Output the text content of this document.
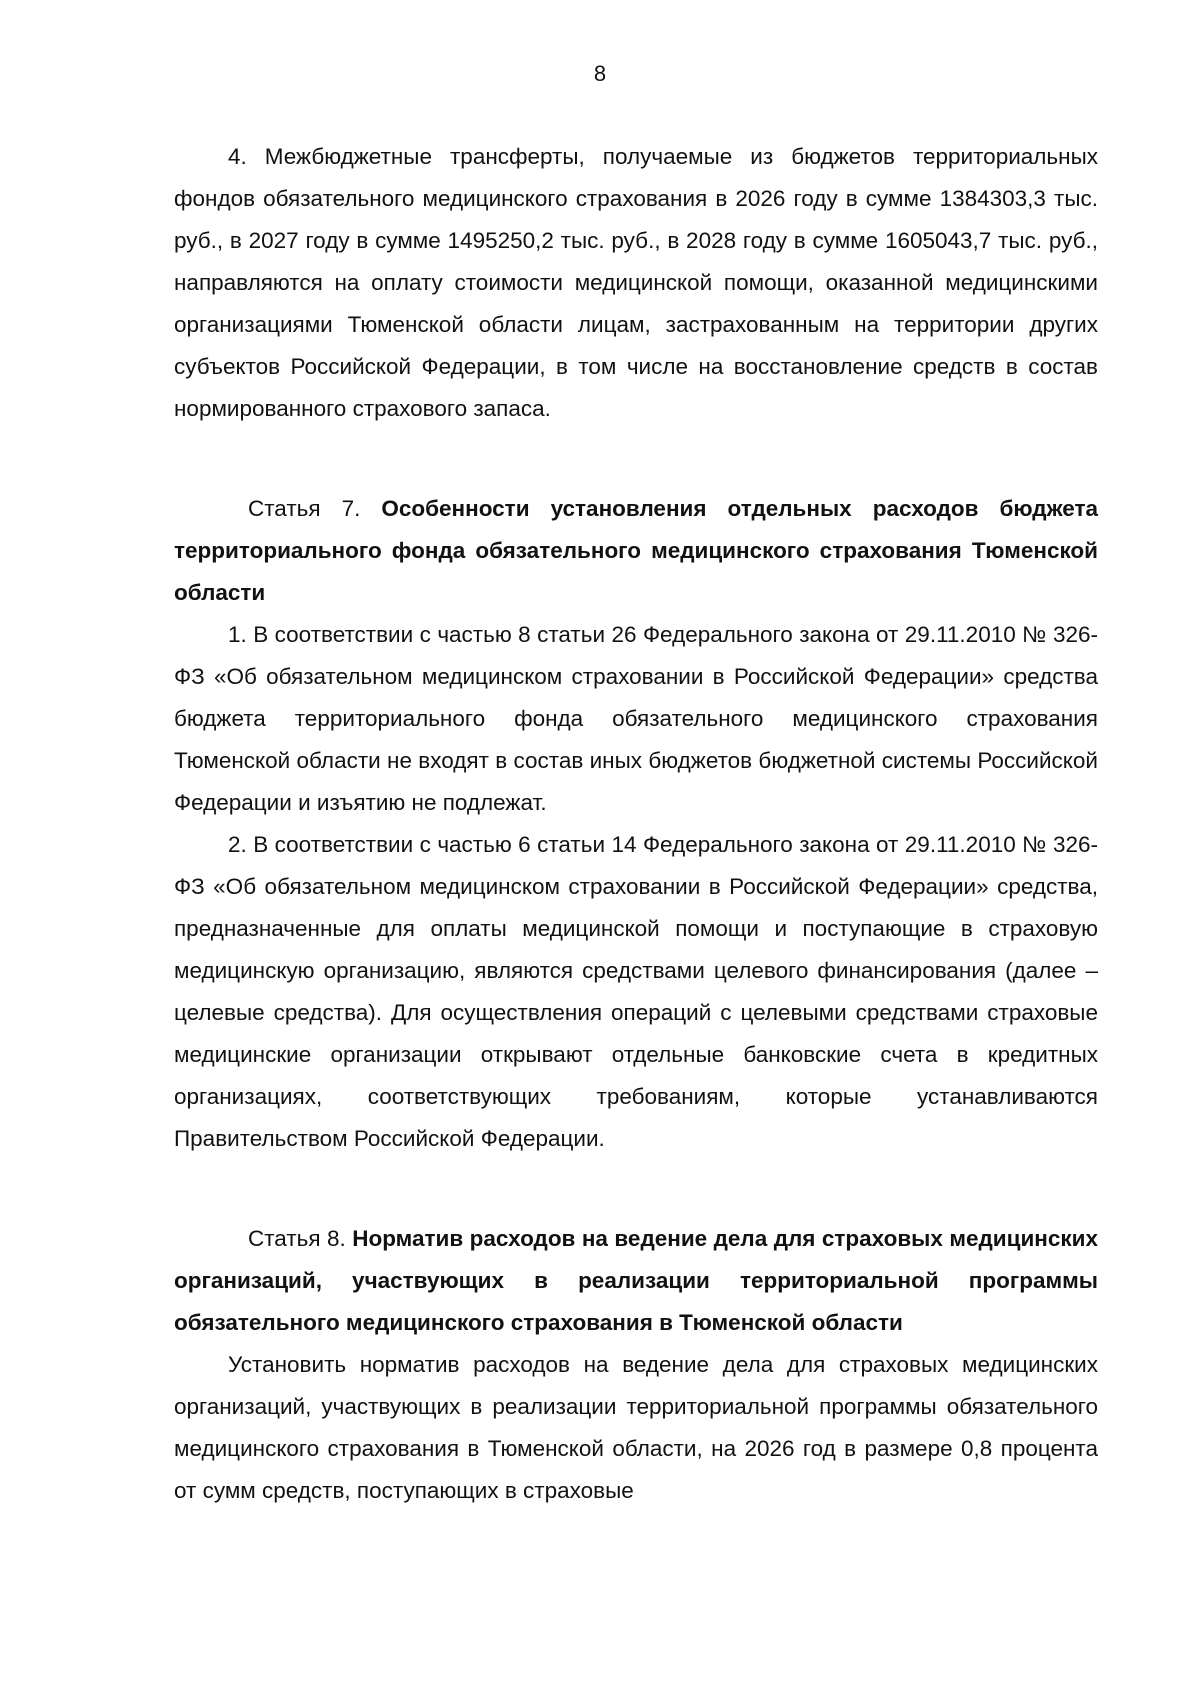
8

4. Межбюджетные трансферты, получаемые из бюджетов территориальных фондов обязательного медицинского страхования в 2026 году в сумме 1384303,3 тыс. руб., в 2027 году в сумме 1495250,2 тыс. руб., в 2028 году в сумме 1605043,7 тыс. руб., направляются на оплату стоимости медицинской помощи, оказанной медицинскими организациями Тюменской области лицам, застрахованным на территории других субъектов Российской Федерации, в том числе на восстановление средств в состав нормированного страхового запаса.

Статья 7. Особенности установления отдельных расходов бюджета территориального фонда обязательного медицинского страхования Тюменской области

1. В соответствии с частью 8 статьи 26 Федерального закона от 29.11.2010 № 326-ФЗ «Об обязательном медицинском страховании в Российской Федерации» средства бюджета территориального фонда обязательного медицинского страхования Тюменской области не входят в состав иных бюджетов бюджетной системы Российской Федерации и изъятию не подлежат.

2. В соответствии с частью 6 статьи 14 Федерального закона от 29.11.2010 № 326-ФЗ «Об обязательном медицинском страховании в Российской Федерации» средства, предназначенные для оплаты медицинской помощи и поступающие в страховую медицинскую организацию, являются средствами целевого финансирования (далее – целевые средства). Для осуществления операций с целевыми средствами страховые медицинские организации открывают отдельные банковские счета в кредитных организациях, соответствующих требованиям, которые устанавливаются Правительством Российской Федерации.

Статья 8. Норматив расходов на ведение дела для страховых медицинских организаций, участвующих в реализации территориальной программы обязательного медицинского страхования в Тюменской области

Установить норматив расходов на ведение дела для страховых медицинских организаций, участвующих в реализации территориальной программы обязательного медицинского страхования в Тюменской области, на 2026 год в размере 0,8 процента от сумм средств, поступающих в страховые
